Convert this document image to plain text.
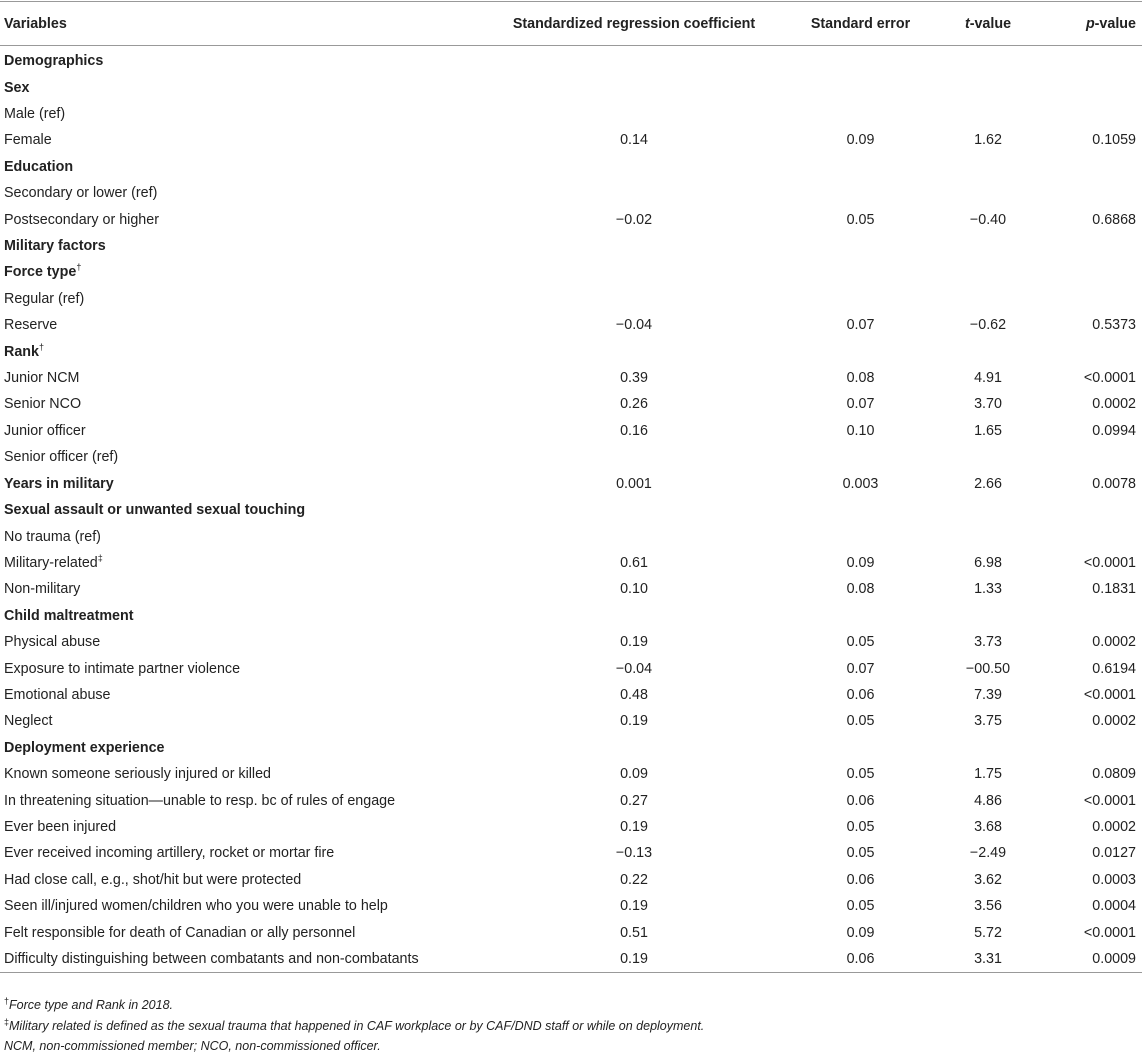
Variables	Standardized regression coefficient	Standard error	t-value	p-value
Demographics				
Sex				
Male (ref)				
Female	0.14	0.09	1.62	0.1059
Education				
Secondary or lower (ref)				
Postsecondary or higher	−0.02	0.05	−0.40	0.6868
Military factors				
Force type†				
Regular (ref)				
Reserve	−0.04	0.07	−0.62	0.5373
Rank†				
Junior NCM	0.39	0.08	4.91	<0.0001
Senior NCO	0.26	0.07	3.70	0.0002
Junior officer	0.16	0.10	1.65	0.0994
Senior officer (ref)				
Years in military	0.001	0.003	2.66	0.0078
Sexual assault or unwanted sexual touching				
No trauma (ref)				
Military-related‡	0.61	0.09	6.98	<0.0001
Non-military	0.10	0.08	1.33	0.1831
Child maltreatment				
Physical abuse	0.19	0.05	3.73	0.0002
Exposure to intimate partner violence	−0.04	0.07	−00.50	0.6194
Emotional abuse	0.48	0.06	7.39	<0.0001
Neglect	0.19	0.05	3.75	0.0002
Deployment experience				
Known someone seriously injured or killed	0.09	0.05	1.75	0.0809
In threatening situation—unable to resp. bc of rules of engage	0.27	0.06	4.86	<0.0001
Ever been injured	0.19	0.05	3.68	0.0002
Ever received incoming artillery, rocket or mortar fire	−0.13	0.05	−2.49	0.0127
Had close call, e.g., shot/hit but were protected	0.22	0.06	3.62	0.0003
Seen ill/injured women/children who you were unable to help	0.19	0.05	3.56	0.0004
Felt responsible for death of Canadian or ally personnel	0.51	0.09	5.72	<0.0001
Difficulty distinguishing between combatants and non-combatants	0.19	0.06	3.31	0.0009
†Force type and Rank in 2018.
‡Military related is defined as the sexual trauma that happened in CAF workplace or by CAF/DND staff or while on deployment.
NCM, non-commissioned member; NCO, non-commissioned officer.
